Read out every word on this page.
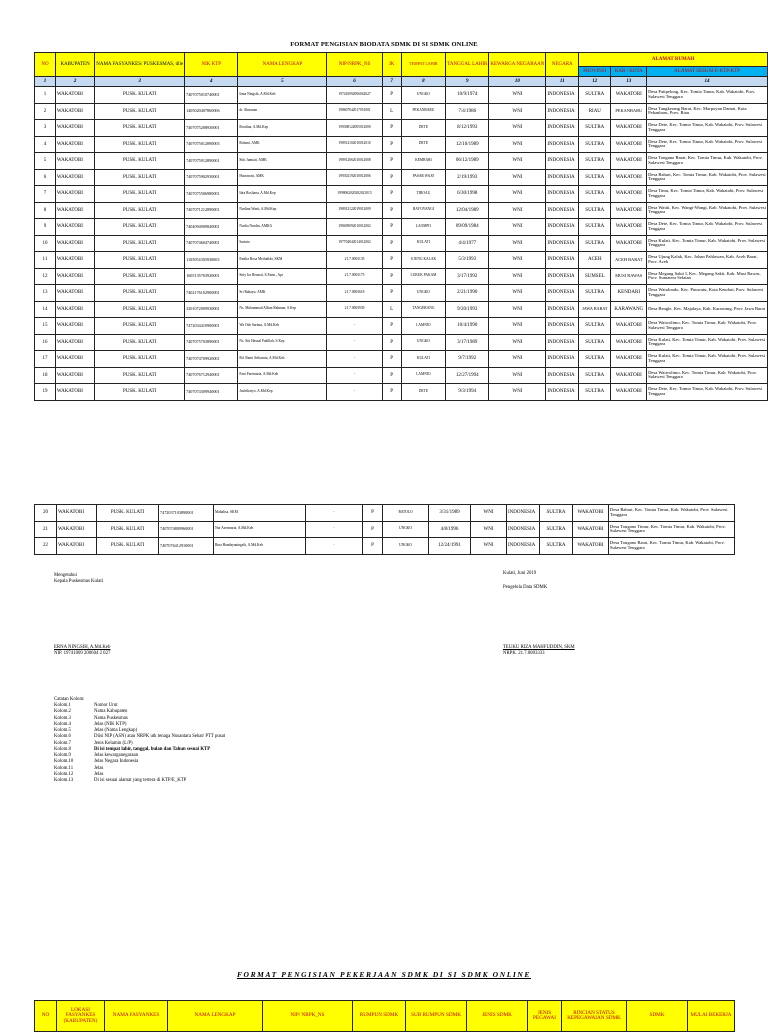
FORMAT PENGISIAN BIODATA SDMK DI SI SDMK ONLINE
NO	KABUPATEN	NAMA FASYANKES/ PUSKESMAS, dlle	NIK KTP	NAMA LENGKAP	NIP/NRPK_NS	JK	TEMPAT LAHIR	TANGGAL LAHIR	KEWARGA NEGARAAN	NEGARA	ALAMAT RUMAH		
											PROVINSI	KAB / KOTA	ALAMAT SESUAI E-KTP/KTP
1	2	3	4	5	6	7	8	9	10	11	12	13	14
1	WAKATOBI	PUSK. KULATI	7407075010740001	Irma Ningsih, A.Md.Keb	197410092006042027	P	UNGKO	10/9/1974	WNI	INDONESIA	SULTRA	WAKATOBI	Desa Patipelong, Kec. Tomia Timur, Kab. Wakatobi, Prov. Sulawesi Tenggara
2	WAKATOBI	PUSK. KULATI	1405020407860006	dr. Ahmaran	198607042017051001	L	PEKANBARU	7/4/1986	WNI	INDONESIA	RIAU	PEKANBARU	Desa Tangkerang Barat, Kec. Marpoyan Damai, Kota Pekanbaru, Prov. Riau
3	WAKATOBI	PUSK. KULATI	7407075208930001	Rosdina, A.Md.Kep	199308122005012000	P	DETE	8/12/1993	WNI	INDONESIA	SULTRA	WAKATOBI	Desa Dete, Kec. Tomia Timur, Kab. Wakatobi, Prov. Sulawesi Tenggara
4	WAKATOBI	PUSK. KULATI	7407075012890003	Rohani, AMK	198912102010012010	P	DETE	12/10/1989	WNI	INDONESIA	SULTRA	WAKATOBI	Desa Dete, Kec. Tomia Timur, Kab. Wakatobi, Prov. Sulawesi Tenggara
5	WAKATOBI	PUSK. KULATI	7407075912890001	Sitti Jumiati, AMK	198912062010012008	P	KEMBARI	06/12/1989	WNI	INDONESIA	SULTRA	WAKATOBI	Desa Tongano Barat, Kec. Tomia Timur, Kab. Wakatobi, Prov. Sulawesi Tenggara
6	WAKATOBI	PUSK. KULATI	7407075902930001	Hasrawati, AMK	199302192010012006	P	PASAR WAJO	2/19/1993	WNI	INDONESIA	SULTRA	WAKATOBI	Desa Bahari, Kec. Tomia Timur, Kab. Wakatobi, Prov. Sulawesi Tenggara
7	WAKATOBI	PUSK. KULATI	7407075506980001	Idra Rosliana, A.Md.Kep	1998062020202021015	P	TIROAU	6/30/1998	WNI	INDONESIA	SULTRA	WAKATOBI	Desa Timu, Kec. Tomia Timur, Kab. Wakatobi, Prov. Sulawesi Tenggara
8	WAKATOBI	PUSK. KULATI	7407071212890001	Nurlina Wasit, A.Md.Kep	198912122019012009	P	BAYOYANGI	12/04/1989	WNI	INDONESIA	SULTRA	WAKATOBI	Desa Waitii, Kec. Wangi-Wangi, Kab. Wakatobi, Prov. Sulawesi Tenggara
9	WAKATOBI	PUSK. KULATI	7404094909840001	Nurlia Nurdin, AMKG	198409092010012002	P	LAOMPO	09/09/1984	WNI	INDONESIA	SULTRA	WAKATOBI	Desa Dete, Kec. Tomia Timur, Kab. Wakatobi, Prov. Sulawesi Tenggara
10	WAKATOBI	PUSK. KULATI	7407074604740001	Sarinia	197704042014012002	P	KULATI	4/4/1977	WNI	INDONESIA	SULTRA	WAKATOBI	Desa Kulati, Kec. Tomia Timur, Kab. Wakatobi, Prov. Sulawesi Tenggara
11	WAKATOBI	PUSK. KULATI	1105054303930003	Emilia Rosa Meifadida, SKM	21.7.0003135	P	UJUNG KALAK	5/3/1993	WNI	INDONESIA	ACEH	ACEH BARAT	Desa Ujung Kalak, Kec. Johan Pahlawan, Kab. Aceh Barat, Prov. Aceh
12	WAKATOBI	PUSK. KULATI	1605135703920001	Sitty Ira Renasti, S.Farm., Apt	21.7.0003175	P	LUBUK PAKAM	3/17/1992	WNI	INDONESIA	SUMSEL	MUSI RAWAS	Desa Megang Sakti I, Kec. Megang Sakti, Kab. Musi Rawas, Prov. Sumatera Selatan
13	WAKATOBI	PUSK. KULATI	7402176102900001	Sri Rahayu, AMK	21.7.0003618	P	UNGKO	2/21/1990	WNI	INDONESIA	SULTRA	KENDARI	Desa Watulondo, Kec. Puuwatu, Kota Kendari, Prov. Sulawesi Tenggara
14	WAKATOBI	PUSK. KULATI	3201072009930001	Ns. Muhammad Alfian Rahman, S.Kep	21.7.0003939	L	TANGERANG	9/20/1993	WNI	INDONESIA	JAWA BARAT	KARAWANG	Desa Bengle, Kec. Majalaya, Kab. Karawang, Prov. Jawa Barat
15	WAKATOBI	PUSK. KULATI	7472034410900001	Wa Ode Sarima, A.Md.Keb	-	P	LAMNIO	10/4/1990	WNI	INDONESIA	SULTRA	WAKATOBI	Desa Waiwolimo, Kec. Tomia Timur, Kab. Wakatobi, Prov. Sulawesi Tenggara
16	WAKATOBI	PUSK. KULATI	7407075703890001	Ns. Siti Hasnal Fadillah, S.Kep	-	P	UNGKO	3/17/1989	WNI	INDONESIA	SULTRA	WAKATOBI	Desa Kulati, Kec. Tomia Timur, Kab. Wakatobi, Prov. Sulawesi Tenggara
17	WAKATOBI	PUSK. KULATI	7407074709920001	Rd. Ranti Srikurnia, A.Md.Keb	-	P	KULATI	9/7/1992	WNI	INDONESIA	SULTRA	WAKATOBI	Desa Kulati, Kec. Tomia Timur, Kab. Wakatobi, Prov. Sulawesi Tenggara
18	WAKATOBI	PUSK. KULATI	7407076712940001	Fani Fareinaria, A.Md.Keb	-	P	LAMNIO	12/27/1994	WNI	INDONESIA	SULTRA	WAKATOBI	Desa Waiwolimo, Kec. Tomia Timur, Kab. Wakatobi, Prov. Sulawesi Tenggara
19	WAKATOBI	PUSK. KULATI	7407074309940001	Jusfriharyo, A.Md.Kep	-	P	DETE	9/3/1994	WNI	INDONESIA	SULTRA	WAKATOBI	Desa Dete, Kec. Tomia Timur, Kab. Wakatobi, Prov. Sulawesi Tenggara
20	WAKATOBI	PUSK. KULATI	7472037103890001	Mahalisa, SKM	-	P	BATOLO	3/31/1989	WNI	INDONESIA	SULTRA	WAKATOBI	Desa Bahari, Kec. Tomia Timur, Kab. Wakatobi, Prov. Sulawesi Tenggara
21	WAKATOBI	PUSK. KULATI	7407074809960001	Nur Asermaria, A.Md.Keb	-	P	UNGKO	4/8/1996	WNI	INDONESIA	SULTRA	WAKATOBI	Desa Tongano Timur, Kec. Tomia Timur, Kab. Wakatobi, Prov. Sulawesi Tenggara
22	WAKATOBI	PUSK. KULATI	7407076412910001	Rina Handayaningsih, A.Md.Keb	-	P	UNGKO	12/24/1991	WNI	INDONESIA	SULTRA	WAKATOBI	Desa Tongano Barat, Kec. Tomia Timur, Kab. Wakatobi, Prov. Sulawesi Tenggara
Mengetahui
Kepala Puskesmas Kulati
ERNA NINGSIH, A.Md.Keb
NIP. 19741009 200604 2 027
Kulati, Juni 2019
Pengelola Data SDMK
TEUKU RIZA MAHFUDDIN, SKM
NRPK. 21.7.0003333
Catatan Kolom:
Kolom.1	Nomor Urut
Kolom.2	Nama Kabupaten
Kolom.3	Nama Puskesmas
Kolom.4	Jelas (NIK KTP)
Kolom.5	Jelas (Nama Lengkap)
Kolom.6	Diisi NIP (ASN) atau NRPK utk tenaga Nusantara Sehat/ PTT pusat
Kolom.7	Jenis Kelamin (L/P)
Kolom.8	Di isi tempat lahir, tanggal, bulan dan Tahun sesuai KTP
Kolom.9	Jelas kewarganegaraan
Kolom.10	Jelas Negara Indonesia
Kolom.11	Jelas
Kolom.12	Jelas
Kolom.13	Di isi sesuai alamat yang tertera di KTP/E_KTP
FORMAT PENGISIAN PEKERJAAN SDMK DI SI SDMK ONLINE
NO	LOKASI FASYANKES (KABUPATEN)	NAMA FASYANKES	NAMA LENGKAP	NIP/ NRPK_NS	RUMPUN SDMK	SUB RUMPUN SDMK	JENIS SDMK	JENIS PEGAWAI	RINCIAN STATUS KEPEGAWAIAN SDMK	SDMK	MULAI BEKERJA
